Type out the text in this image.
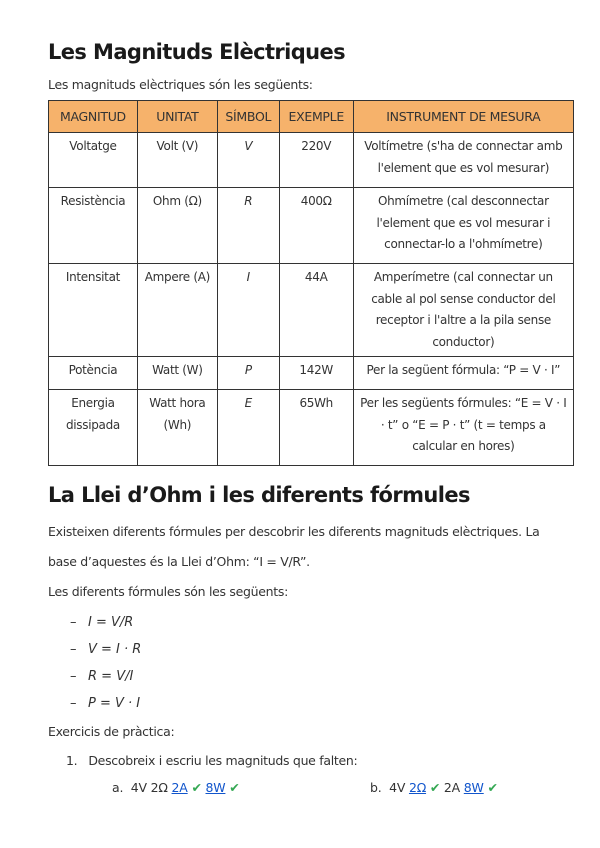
Les Magnituds Elèctriques

Les magnituds elèctriques són les següents:

MAGNITUD	UNITAT	SÍMBOL	EXEMPLE	INSTRUMENT DE MESURA
Voltatge	Volt (V)	V	220V	Voltímetre (s'ha de connectar amb l'element que es vol mesurar)
Resistència	Ohm (Ω)	R	400Ω	Ohmímetre (cal desconnectar l'element que es vol mesurar i connectar-lo a l'ohmímetre)
Intensitat	Ampere (A)	I	44A	Amperímetre (cal connectar un cable al pol sense conductor del receptor i l'altre a la pila sense conductor)
Potència	Watt (W)	P	142W	Per la següent fórmula: “P = V · I”
Energia dissipada	Watt hora (Wh)	E	65Wh	Per les següents fórmules: “E = V · I · t” o “E = P · t” (t = temps a calcular en hores)
La Llei d’Ohm i les diferents fórmules

Existeixen diferents fórmules per descobrir les diferents magnituds elèctriques. La

base d’aquestes és la Llei d’Ohm: “I = V/R”.

Les diferents fórmules són les següents:

– I = V/R
– V = I · R
– R = V/I
– P = V · I

Exercicis de pràctica:

1. Descobreix i escriu les magnituds que falten:
a. 4V 2Ω 2A ✔ 8W ✔	b. 4V 2Ω ✔ 2A 8W ✔
